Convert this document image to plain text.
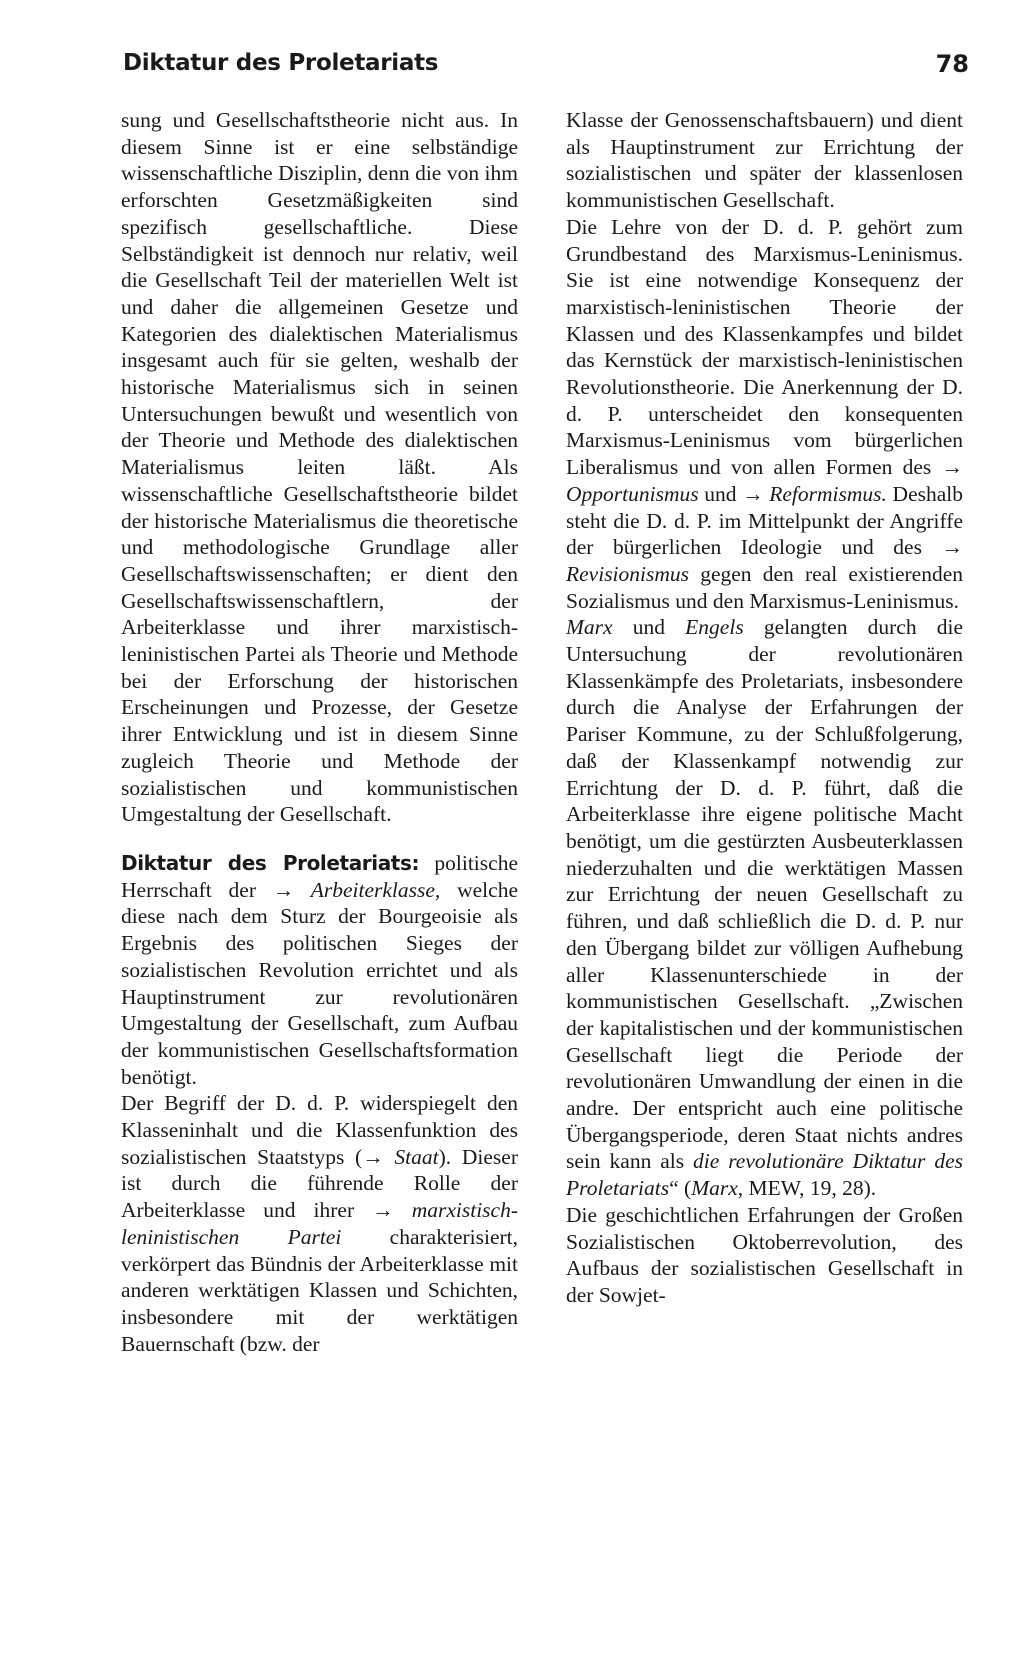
Diktatur des Proletariats	78

sung und Gesellschaftstheorie nicht aus. In diesem Sinne ist er eine selbständige wissenschaftliche Disziplin, denn die von ihm erforschten Gesetzmäßigkeiten sind spezifisch gesellschaftliche. Diese Selbständigkeit ist dennoch nur relativ, weil die Gesellschaft Teil der materiellen Welt ist und daher die allgemeinen Gesetze und Kategorien des dialektischen Materialismus insgesamt auch für sie gelten, weshalb der historische Materialismus sich in seinen Untersuchungen bewußt und wesentlich von der Theorie und Methode des dialektischen Materialismus leiten läßt. Als wissenschaftliche Gesellschaftstheorie bildet der historische Materialismus die theoretische und methodologische Grundlage aller Gesellschaftswissenschaften; er dient den Gesellschaftswissenschaftlern, der Arbeiterklasse und ihrer marxistisch-leninistischen Partei als Theorie und Methode bei der Erforschung der historischen Erscheinungen und Prozesse, der Gesetze ihrer Entwicklung und ist in diesem Sinne zugleich Theorie und Methode der sozialistischen und kommunistischen Umgestaltung der Gesellschaft.

Diktatur des Proletariats: politische Herrschaft der → Arbeiterklasse, welche diese nach dem Sturz der Bourgeoisie als Ergebnis des politischen Sieges der sozialistischen Revolution errichtet und als Hauptinstrument zur revolutionären Umgestaltung der Gesellschaft, zum Aufbau der kommunistischen Gesellschaftsformation benötigt.

Der Begriff der D. d. P. widerspiegelt den Klasseninhalt und die Klassenfunktion des sozialistischen Staatstyps (→ Staat). Dieser ist durch die führende Rolle der Arbeiterklasse und ihrer → marxistisch-leninistischen Partei charakterisiert, verkörpert das Bündnis der Arbeiterklasse mit anderen werktätigen Klassen und Schichten, insbesondere mit der werktätigen Bauernschaft (bzw. der

Klasse der Genossenschaftsbauern) und dient als Hauptinstrument zur Errichtung der sozialistischen und später der klassenlosen kommunistischen Gesellschaft.

Die Lehre von der D. d. P. gehört zum Grundbestand des Marxismus-Leninismus. Sie ist eine notwendige Konsequenz der marxistisch-leninistischen Theorie der Klassen und des Klassenkampfes und bildet das Kernstück der marxistisch-leninistischen Revolutionstheorie. Die Anerkennung der D. d. P. unterscheidet den konsequenten Marxismus-Leninismus vom bürgerlichen Liberalismus und von allen Formen des → Opportunismus und → Reformismus. Deshalb steht die D. d. P. im Mittelpunkt der Angriffe der bürgerlichen Ideologie und des → Revisionismus gegen den real existierenden Sozialismus und den Marxismus-Leninismus.

Marx und Engels gelangten durch die Untersuchung der revolutionären Klassenkämpfe des Proletariats, insbesondere durch die Analyse der Erfahrungen der Pariser Kommune, zu der Schlußfolgerung, daß der Klassenkampf notwendig zur Errichtung der D. d. P. führt, daß die Arbeiterklasse ihre eigene politische Macht benötigt, um die gestürzten Ausbeuterklassen niederzuhalten und die werktätigen Massen zur Errichtung der neuen Gesellschaft zu führen, und daß schließlich die D. d. P. nur den Übergang bildet zur völligen Aufhebung aller Klassenunterschiede in der kommunistischen Gesellschaft. „Zwischen der kapitalistischen und der kommunistischen Gesellschaft liegt die Periode der revolutionären Umwandlung der einen in die andre. Der entspricht auch eine politische Übergangsperiode, deren Staat nichts andres sein kann als die revolutionäre Diktatur des Proletariats“ (Marx, MEW, 19, 28).

Die geschichtlichen Erfahrungen der Großen Sozialistischen Oktoberrevolution, des Aufbaus der sozialistischen Gesellschaft in der Sowjet-
